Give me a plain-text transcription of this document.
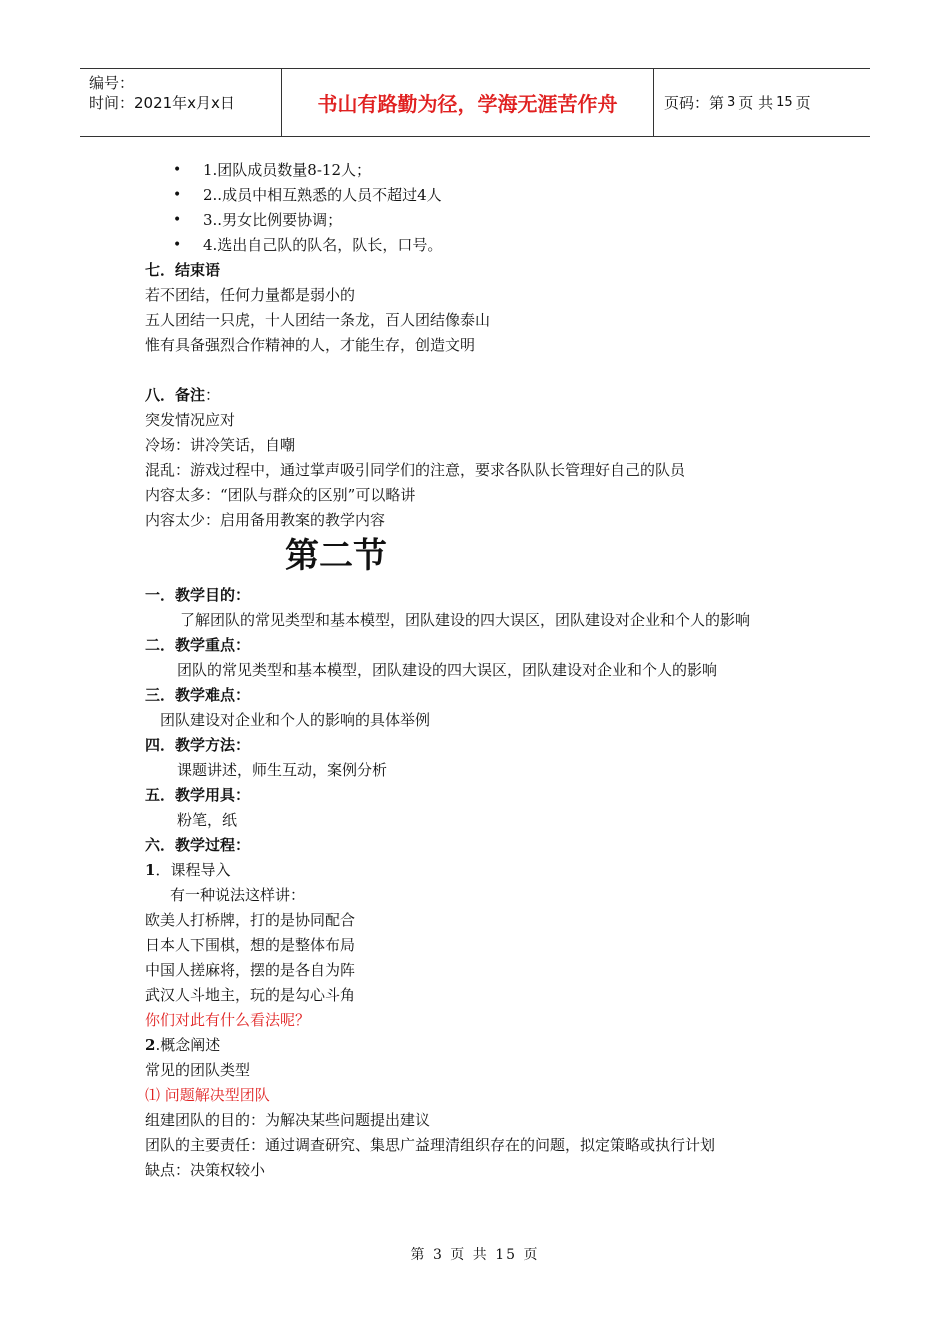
编号：
时间：2021年x月x日	书山有路勤为径，学海无涯苦作舟	页码：第 3 页 共 15 页
• 1.团队成员数量8-12人；
• 2..成员中相互熟悉的人员不超过4人
• 3..男女比例要协调；
• 4.选出自己队的队名，队长，口号。
七．结束语
若不团结，任何力量都是弱小的
五人团结一只虎，十人团结一条龙，百人团结像泰山
惟有具备强烈合作精神的人，才能生存，创造文明
八．备注：
突发情况应对
冷场：讲冷笑话，自嘲
混乱：游戏过程中，通过掌声吸引同学们的注意，要求各队队长管理好自己的队员
内容太多：“团队与群众的区别”可以略讲
内容太少：启用备用教案的教学内容
第二节
一．教学目的：
了解团队的常见类型和基本模型，团队建设的四大误区，团队建设对企业和个人的影响
二．教学重点：
团队的常见类型和基本模型，团队建设的四大误区，团队建设对企业和个人的影响
三．教学难点：
团队建设对企业和个人的影响的具体举例
四．教学方法：
课题讲述，师生互动，案例分析
五．教学用具：
粉笔，纸
六．教学过程：
1．课程导入
有一种说法这样讲：
欧美人打桥牌，打的是协同配合
日本人下围棋，想的是整体布局
中国人搓麻将，摆的是各自为阵
武汉人斗地主，玩的是勾心斗角
你们对此有什么看法呢？
2.概念阐述
常见的团队类型
⑴ 问题解决型团队
组建团队的目的：为解决某些问题提出建议
团队的主要责任：通过调查研究、集思广益理清组织存在的问题，拟定策略或执行计划
缺点：决策权较小
第 3 页 共 15 页
